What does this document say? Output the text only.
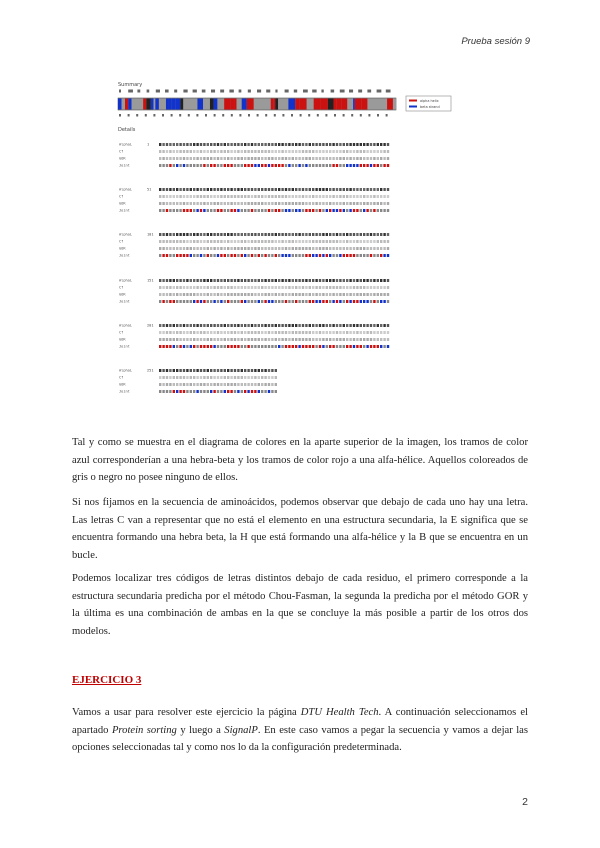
Prueba sesión 9
Summary
alpha helix
beta strand
Details
AlphaL	1
Cf
GOR
Joint
AlphaL	51
Cf
GOR
Joint
AlphaL	101
Cf
GOR
Joint
AlphaL	151
Cf
GOR
Joint
AlphaL	201
Cf
GOR
Joint
AlphaL	251
Cf
GOR
Joint

Tal y como se muestra en el diagrama de colores en la aparte superior de la imagen, los tramos de color azul corresponderían a una hebra-beta y los tramos de color rojo a una alfa-hélice. Aquellos coloreados de gris o negro no posee ninguno de ellos.

Si nos fijamos en la secuencia de aminoácidos, podemos observar que debajo de cada uno hay una letra. Las letras C van a representar que no está el elemento en una estructura secundaria, la E significa que se encuentra formando una hebra beta, la H que está formando una alfa-hélice y la B que se encuentra en un bucle.

Podemos localizar tres códigos de letras distintos debajo de cada residuo, el primero corresponde a la estructura secundaria predicha por el método Chou-Fasman, la segunda la predicha por el método GOR y la última es una combinación de ambas en la que se concluye la más posible a partir de los otros dos modelos.

EJERCICIO 3

Vamos a usar para resolver este ejercicio la página DTU Health Tech. A continuación seleccionamos el apartado Protein sorting y luego a SignalP. En este caso vamos a pegar la secuencia y vamos a dejar las opciones seleccionadas tal y como nos lo da la configuración predeterminada.

2
